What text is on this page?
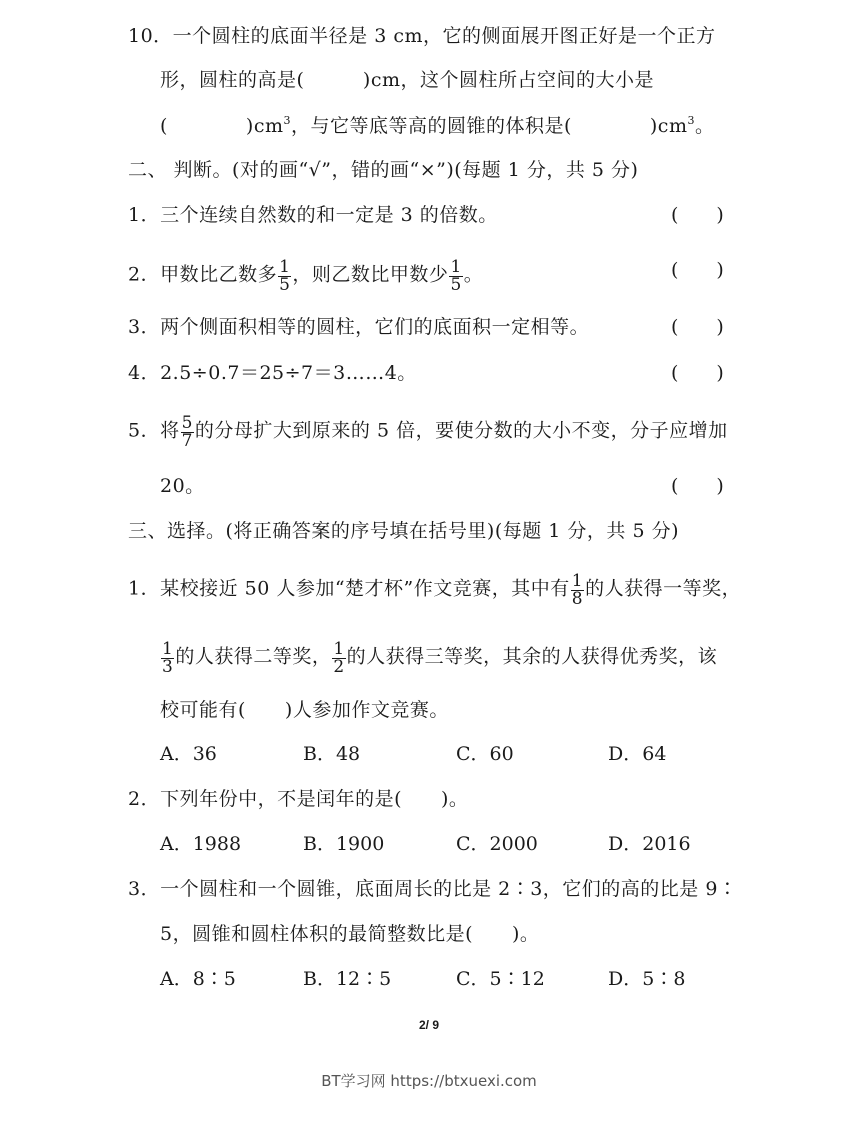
10．一个圆柱的底面半径是 3 cm，它的侧面展开图正好是一个正方
形，圆柱的高是(　　　)cm，这个圆柱所占空间的大小是
(　　　　)$cm^3$，与它等底等高的圆锥的体积是(　　　　)$cm^3$。
二、 判断。(对的画“√”，错的画“×”)(每题 1 分，共 5 分)
1．三个连续自然数的和一定是 3 的倍数。	(　　)
2．甲数比乙数多 $\frac{1}{5}$ ，则乙数比甲数少 $\frac{1}{5}$ 。	(　　)
3．两个侧面积相等的圆柱，它们的底面积一定相等。	(　　)
4．2.5÷0.7＝25÷7＝3……4。	(　　)
5．将 $\frac{5}{7}$ 的分母扩大到原来的 5 倍，要使分数的大小不变，分子应增加
20。	(　　)
三、选择。(将正确答案的序号填在括号里)(每题 1 分，共 5 分)
1．某校接近 50 人参加“楚才杯”作文竞赛，其中有 $\frac{1}{8}$ 的人获得一等奖，
$\frac{1}{3}$ 的人获得二等奖， $\frac{1}{2}$ 的人获得三等奖，其余的人获得优秀奖，该
校可能有(　　)人参加作文竞赛。
A．36	B．48	C．60	D．64
2．下列年份中，不是闰年的是(　　)。
A．1988	B．1900	C．2000	D．2016
3．一个圆柱和一个圆锥，底面周长的比是 2∶3，它们的高的比是 9∶
5，圆锥和圆柱体积的最简整数比是(　　)。
A．8∶5	B．12∶5	C．5∶12	D．5∶8
2/ 9
BT学习网 https://btxuexi.com
